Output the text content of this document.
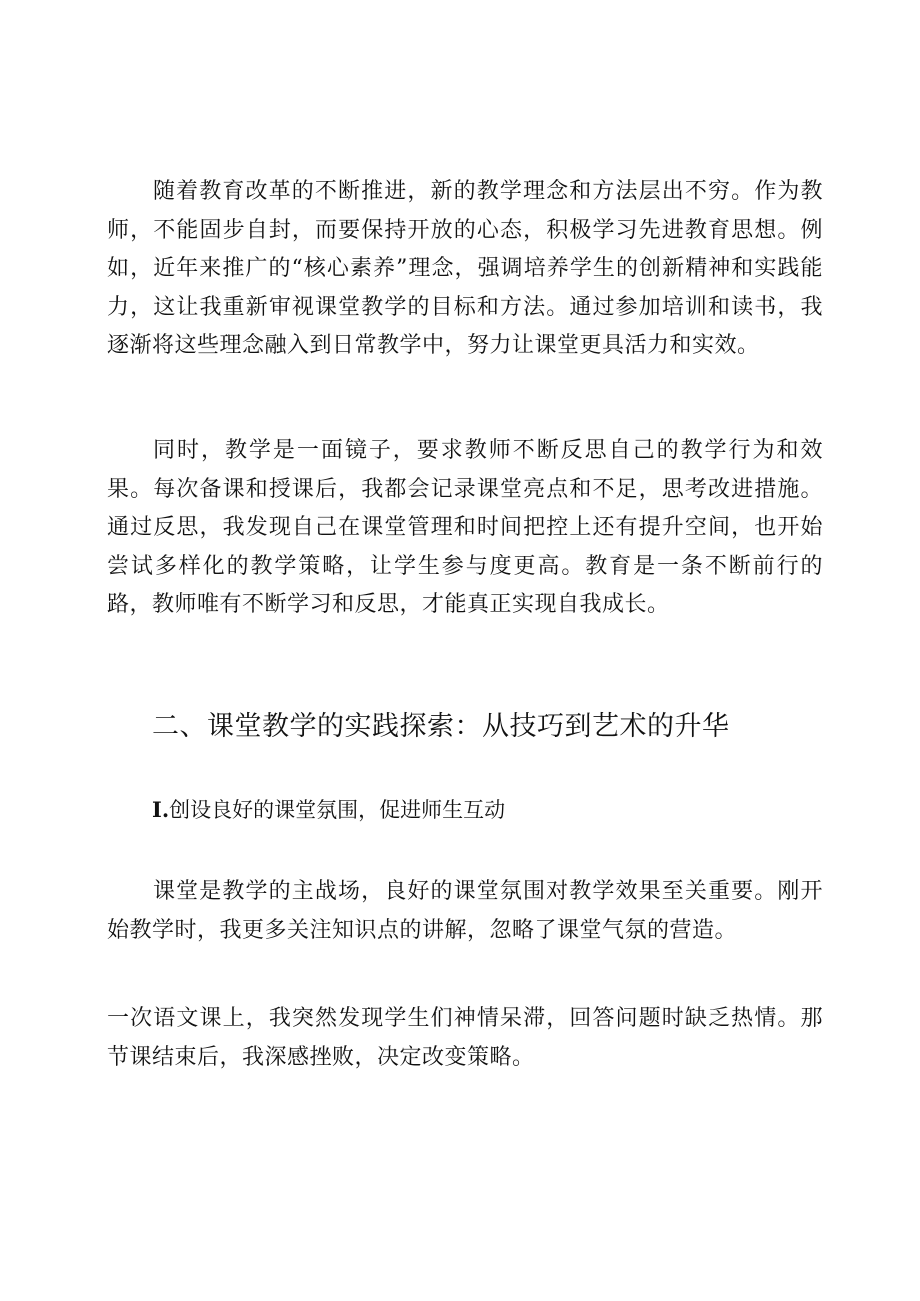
随着教育改革的不断推进，新的教学理念和方法层出不穷。作为教师，不能固步自封，而要保持开放的心态，积极学习先进教育思想。例如，近年来推广的“核心素养”理念，强调培养学生的创新精神和实践能力，这让我重新审视课堂教学的目标和方法。通过参加培训和读书，我逐渐将这些理念融入到日常教学中，努力让课堂更具活力和实效。

同时，教学是一面镜子，要求教师不断反思自己的教学行为和效果。每次备课和授课后，我都会记录课堂亮点和不足，思考改进措施。通过反思，我发现自己在课堂管理和时间把控上还有提升空间，也开始尝试多样化的教学策略，让学生参与度更高。教育是一条不断前行的路，教师唯有不断学习和反思，才能真正实现自我成长。

二、课堂教学的实践探索：从技巧到艺术的升华
I.创设良好的课堂氛围，促进师生互动

课堂是教学的主战场，良好的课堂氛围对教学效果至关重要。刚开始教学时，我更多关注知识点的讲解，忽略了课堂气氛的营造。

一次语文课上，我突然发现学生们神情呆滞，回答问题时缺乏热情。那节课结束后，我深感挫败，决定改变策略。
